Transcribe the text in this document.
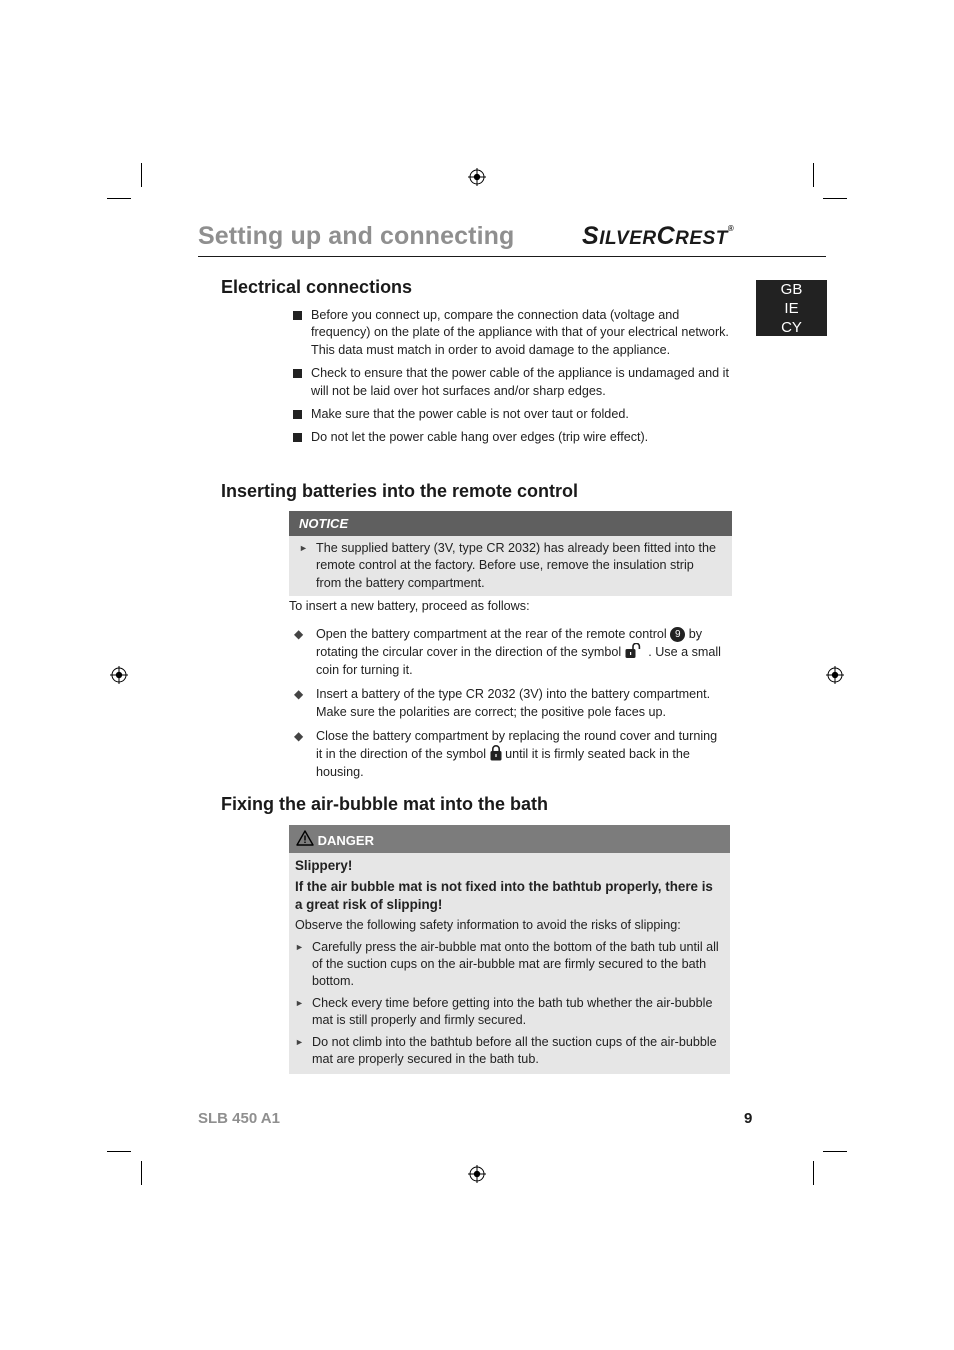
Setting up and connecting	SILVERCREST®
GB
IE
CY
Electrical connections
Before you connect up, compare the connection data (voltage and frequency) on the plate of the appliance with that of your electrical network. This data must match in order to avoid damage to the appliance.
Check to ensure that the power cable of the appliance is undamaged and it will not be laid over hot surfaces and/or sharp edges.
Make sure that the power cable is not over taut or folded.
Do not let the power cable hang over edges (trip wire effect).
Inserting batteries into the remote control
NOTICE
► The supplied battery (3V, type CR 2032) has already been fitted into the remote control at the factory. Before use, remove the insulation strip from the battery compartment.
To insert a new battery, proceed as follows:
◆ Open the battery compartment at the rear of the remote control 9 by rotating the circular cover in the direction of the symbol  . Use a small coin for turning it.
◆ Insert a battery of the type CR 2032 (3V) into the battery compartment. Make sure the polarities are correct; the positive pole faces up.
◆ Close the battery compartment by replacing the round cover and turning it in the direction of the symbol  until it is firmly seated back in the housing.
Fixing the air-bubble mat into the bath
DANGER
Slippery!
If the air bubble mat is not fixed into the bathtub properly, there is a great risk of slipping!
Observe the following safety information to avoid the risks of slipping:
► Carefully press the air-bubble mat onto the bottom of the bath tub until all of the suction cups on the air-bubble mat are firmly secured to the bath bottom.
► Check every time before getting into the bath tub whether the air-bubble mat is still properly and firmly secured.
► Do not climb into the bathtub before all the suction cups of the air-bubble mat are properly secured in the bath tub.
SLB 450 A1	9
